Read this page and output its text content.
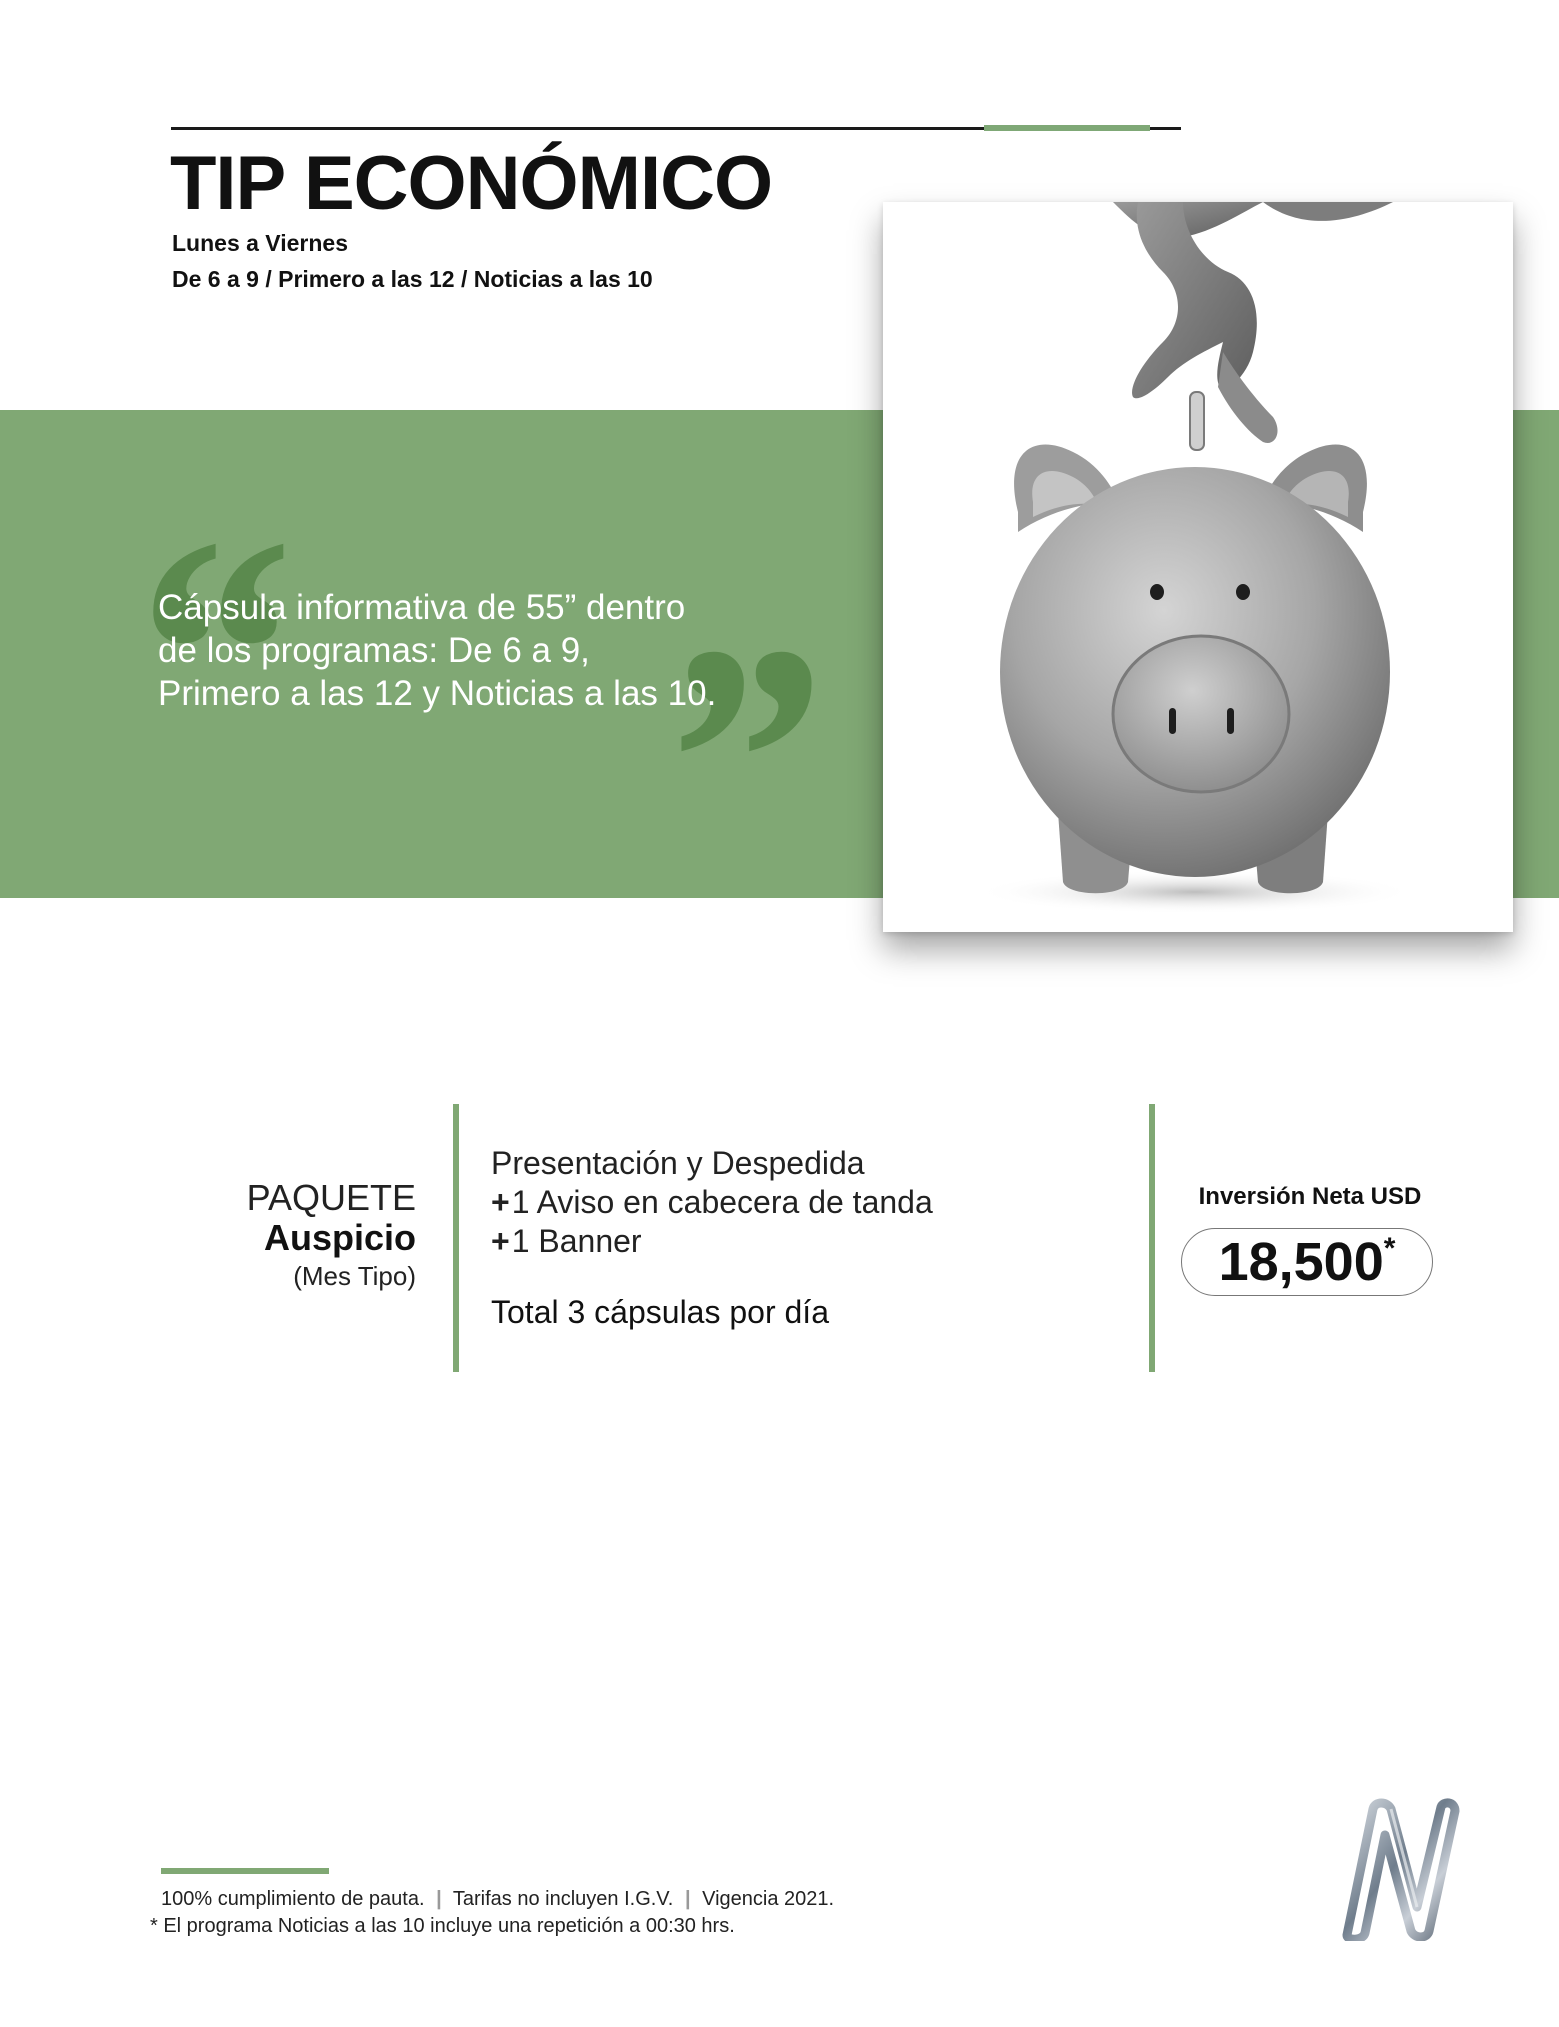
TIP ECONÓMICO
Lunes a Viernes
De 6 a 9 / Primero a las 12 / Noticias a las 10
“ ”
Cápsula informativa de 55” dentro
de los programas: De 6 a 9,
Primero a las 12 y Noticias a las 10.
PAQUETE
Auspicio
(Mes Tipo)
Presentación y Despedida
+1 Aviso en cabecera de tanda
+1 Banner
Total 3 cápsulas por día
Inversión Neta USD
18,500*
100% cumplimiento de pauta. | Tarifas no incluyen I.G.V. | Vigencia 2021.
* El programa Noticias a las 10 incluye una repetición a 00:30 hrs.
